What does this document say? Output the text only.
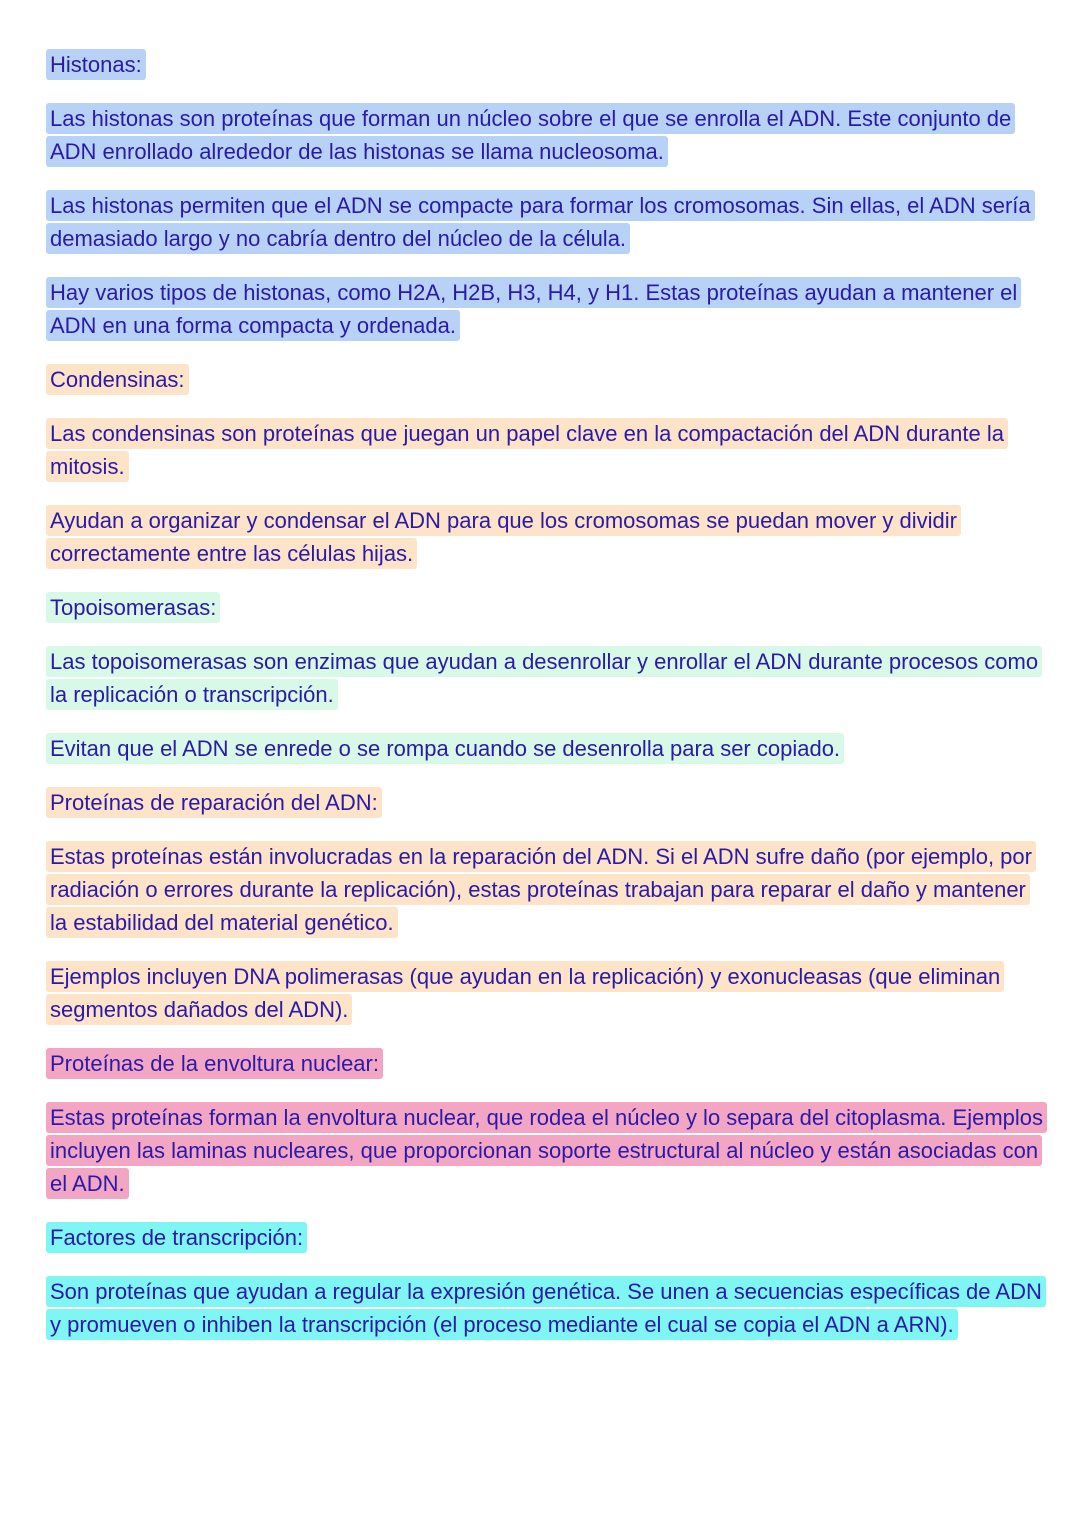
Histonas:

Las histonas son proteínas que forman un núcleo sobre el que se enrolla el ADN. Este conjunto de ADN enrollado alrededor de las histonas se llama nucleosoma.

Las histonas permiten que el ADN se compacte para formar los cromosomas. Sin ellas, el ADN sería demasiado largo y no cabría dentro del núcleo de la célula.

Hay varios tipos de histonas, como H2A, H2B, H3, H4, y H1. Estas proteínas ayudan a mantener el ADN en una forma compacta y ordenada.

Condensinas:

Las condensinas son proteínas que juegan un papel clave en la compactación del ADN durante la mitosis.

Ayudan a organizar y condensar el ADN para que los cromosomas se puedan mover y dividir correctamente entre las células hijas.

Topoisomerasas:

Las topoisomerasas son enzimas que ayudan a desenrollar y enrollar el ADN durante procesos como la replicación o transcripción.

Evitan que el ADN se enrede o se rompa cuando se desenrolla para ser copiado.

Proteínas de reparación del ADN:

Estas proteínas están involucradas en la reparación del ADN. Si el ADN sufre daño (por ejemplo, por radiación o errores durante la replicación), estas proteínas trabajan para reparar el daño y mantener la estabilidad del material genético.

Ejemplos incluyen DNA polimerasas (que ayudan en la replicación) y exonucleasas (que eliminan segmentos dañados del ADN).

Proteínas de la envoltura nuclear:

Estas proteínas forman la envoltura nuclear, que rodea el núcleo y lo separa del citoplasma. Ejemplos incluyen las laminas nucleares, que proporcionan soporte estructural al núcleo y están asociadas con el ADN.

Factores de transcripción:

Son proteínas que ayudan a regular la expresión genética. Se unen a secuencias específicas de ADN y promueven o inhiben la transcripción (el proceso mediante el cual se copia el ADN a ARN).
